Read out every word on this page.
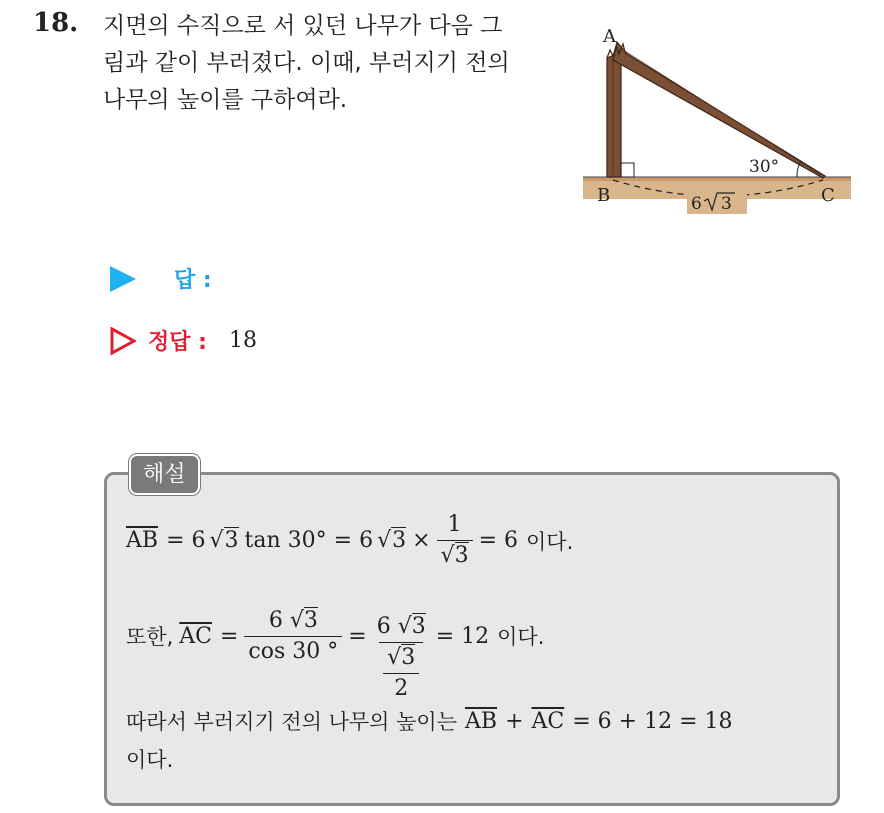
18. 지면의 수직으로 서 있던 나무가 다음 그
림과 같이 부러졌다. 이때, 부러지기 전의
나무의 높이를 구하여라.
A
B	C
30°
6 3
답 :
정답 : 18
해설
$\overline{AB} = 6$ √3 tan 30° = 6 $√3 \times \frac{1}{√3} = 6$ 이다.
또한, $\overline{AC} = \frac{6 √3}{\cos 30 ^\circ} = 6$ √3
√3
2 = 12 이다.
따라서 부러지기 전의 나무의 높이는 $\overline{AB} + \overline{AC} = 6 + 12 = 18$
이다.
